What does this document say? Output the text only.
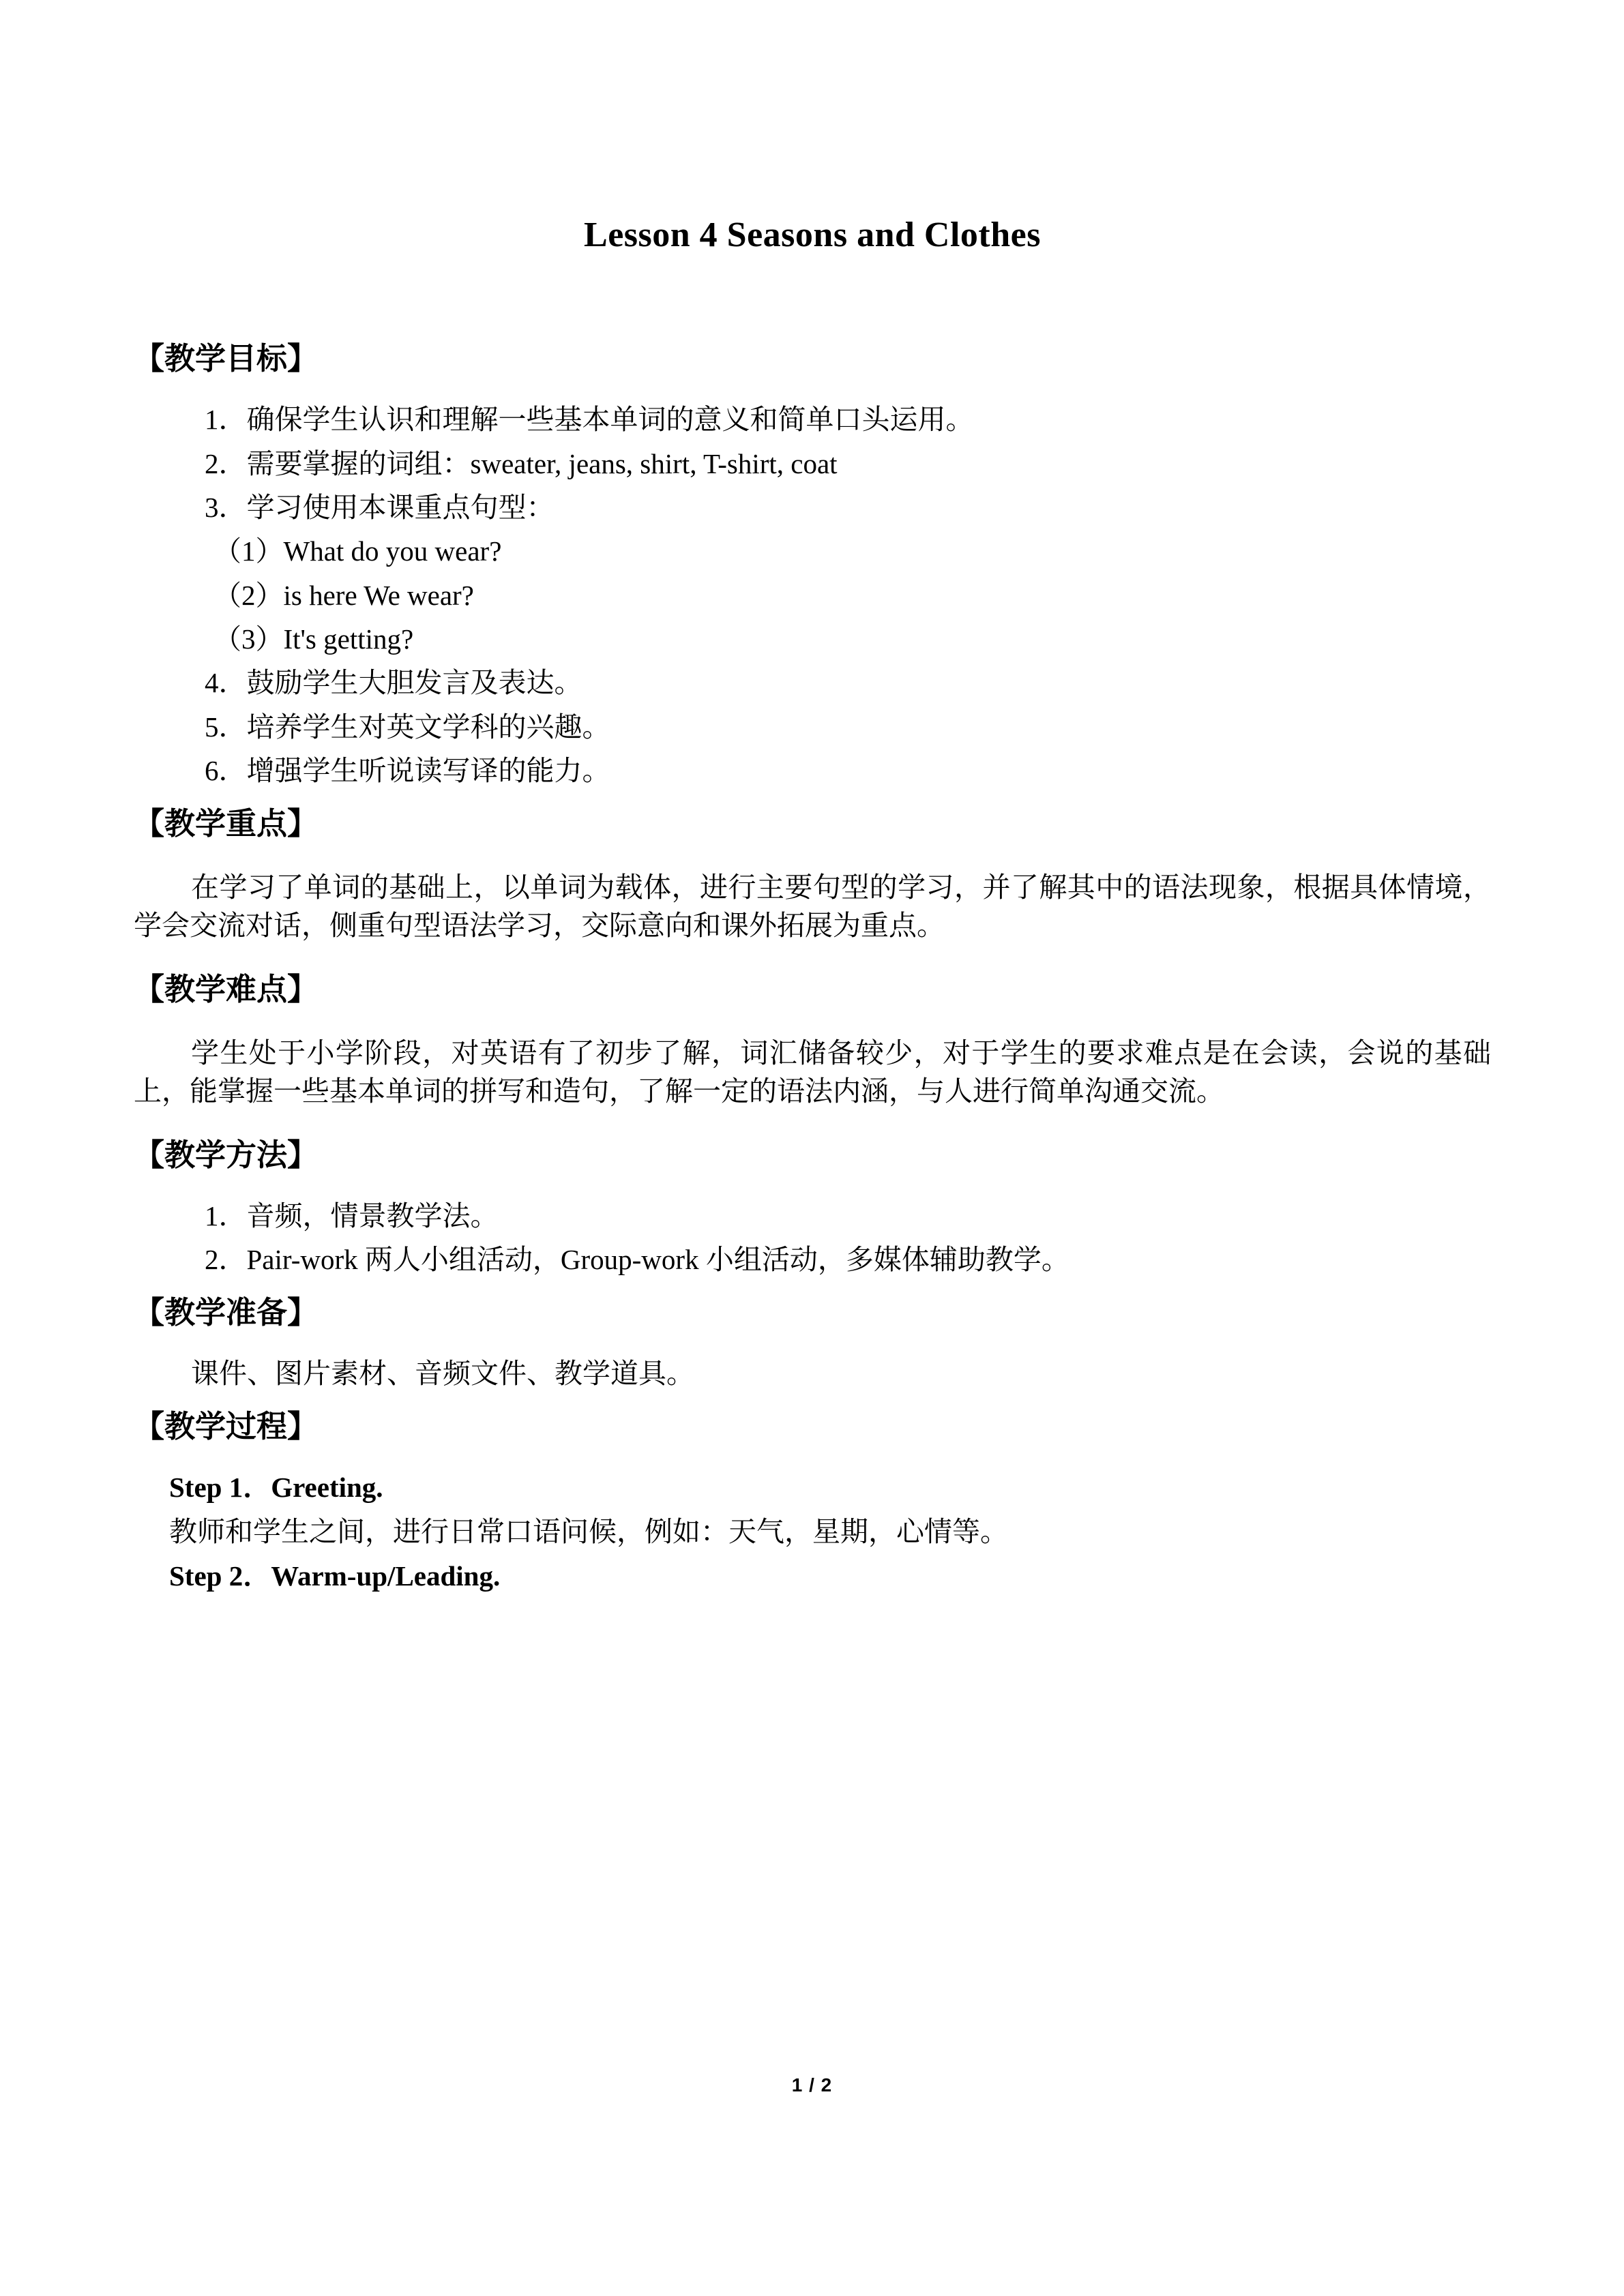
Lesson 4 Seasons and Clothes
【教学目标】
1．确保学生认识和理解一些基本单词的意义和简单口头运用。
2．需要掌握的词组：sweater, jeans, shirt, T-shirt, coat
3．学习使用本课重点句型：
（1）What do you wear?
（2）is here We wear?
（3）It's getting?
4．鼓励学生大胆发言及表达。
5．培养学生对英文学科的兴趣。
6．增强学生听说读写译的能力。
【教学重点】

在学习了单词的基础上，以单词为载体，进行主要句型的学习，并了解其中的语法现象，根据具体情境，学会交流对话，侧重句型语法学习，交际意向和课外拓展为重点。

【教学难点】

学生处于小学阶段，对英语有了初步了解，词汇储备较少，对于学生的要求难点是在会读，会说的基础上，能掌握一些基本单词的拼写和造句，了解一定的语法内涵，与人进行简单沟通交流。

【教学方法】
1．音频，情景教学法。
2．Pair-work 两人小组活动，Group-work 小组活动，多媒体辅助教学。
【教学准备】
课件、图片素材、音频文件、教学道具。
【教学过程】
Step 1．Greeting.
教师和学生之间，进行日常口语问候，例如：天气，星期，心情等。
Step 2．Warm-up/Leading.
1 / 2
